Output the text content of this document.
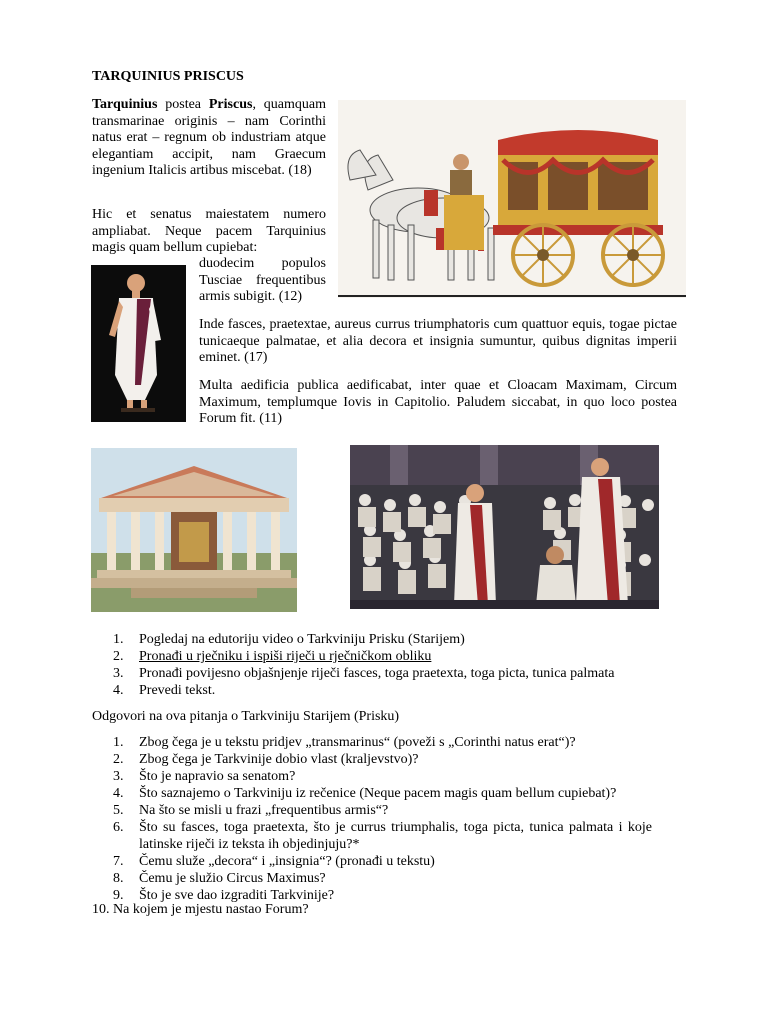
TARQUINIUS PRISCUS
Tarquinius postea Priscus, quamquam transmarinae originis – nam Corinthi natus erat – regnum ob industriam atque elegantiam accipit, nam Graecum ingenium Italicis artibus miscebat. (18)
Hic et senatus maiestatem numero ampliabat. Neque pacem Tarquinius magis quam bellum cupiebat:
duodecim populos Tusciae frequentibus armis subigit. (12)
Inde fasces, praetextae, aureus currus triumphatoris cum quattuor equis, togae pictae tunicaeque palmatae, et alia decora et insignia sumuntur, quibus dignitas imperii eminet. (17)
Multa aedificia publica aedificabat, inter quae et Cloacam Maximam, Circum Maximum, templumque Iovis in Capitolio. Paludem siccabat, in quo loco postea Forum fit. (11)
1. Pogledaj na edutoriju video o Tarkviniju Prisku (Starijem)
2. Pronađi u rječniku i ispiši riječi u rječničkom obliku
3. Pronađi povijesno objašnjenje riječi fasces, toga praetexta, toga picta, tunica palmata
4. Prevedi tekst.
Odgovori na ova pitanja o Tarkviniju Starijem (Prisku)
1. Zbog čega je u tekstu pridjev „transmarinus“ (poveži s „Corinthi natus erat“)?
2. Zbog čega je Tarkvinije dobio vlast (kraljevstvo)?
3. Što je napravio sa senatom?
4. Što saznajemo o Tarkviniju iz rečenice (Neque pacem magis quam bellum cupiebat)?
5. Na što se misli u frazi „frequentibus armis“?
6. Što su fasces, toga praetexta, što je currus triumphalis, toga picta, tunica palmata i koje latinske riječi iz teksta ih objedinjuju?*
7. Čemu služe „decora“ i „insignia“? (pronađi u tekstu)
8. Čemu je služio Circus Maximus?
9. Što je sve dao izgraditi Tarkvinije?
10. Na kojem je mjestu nastao Forum?
